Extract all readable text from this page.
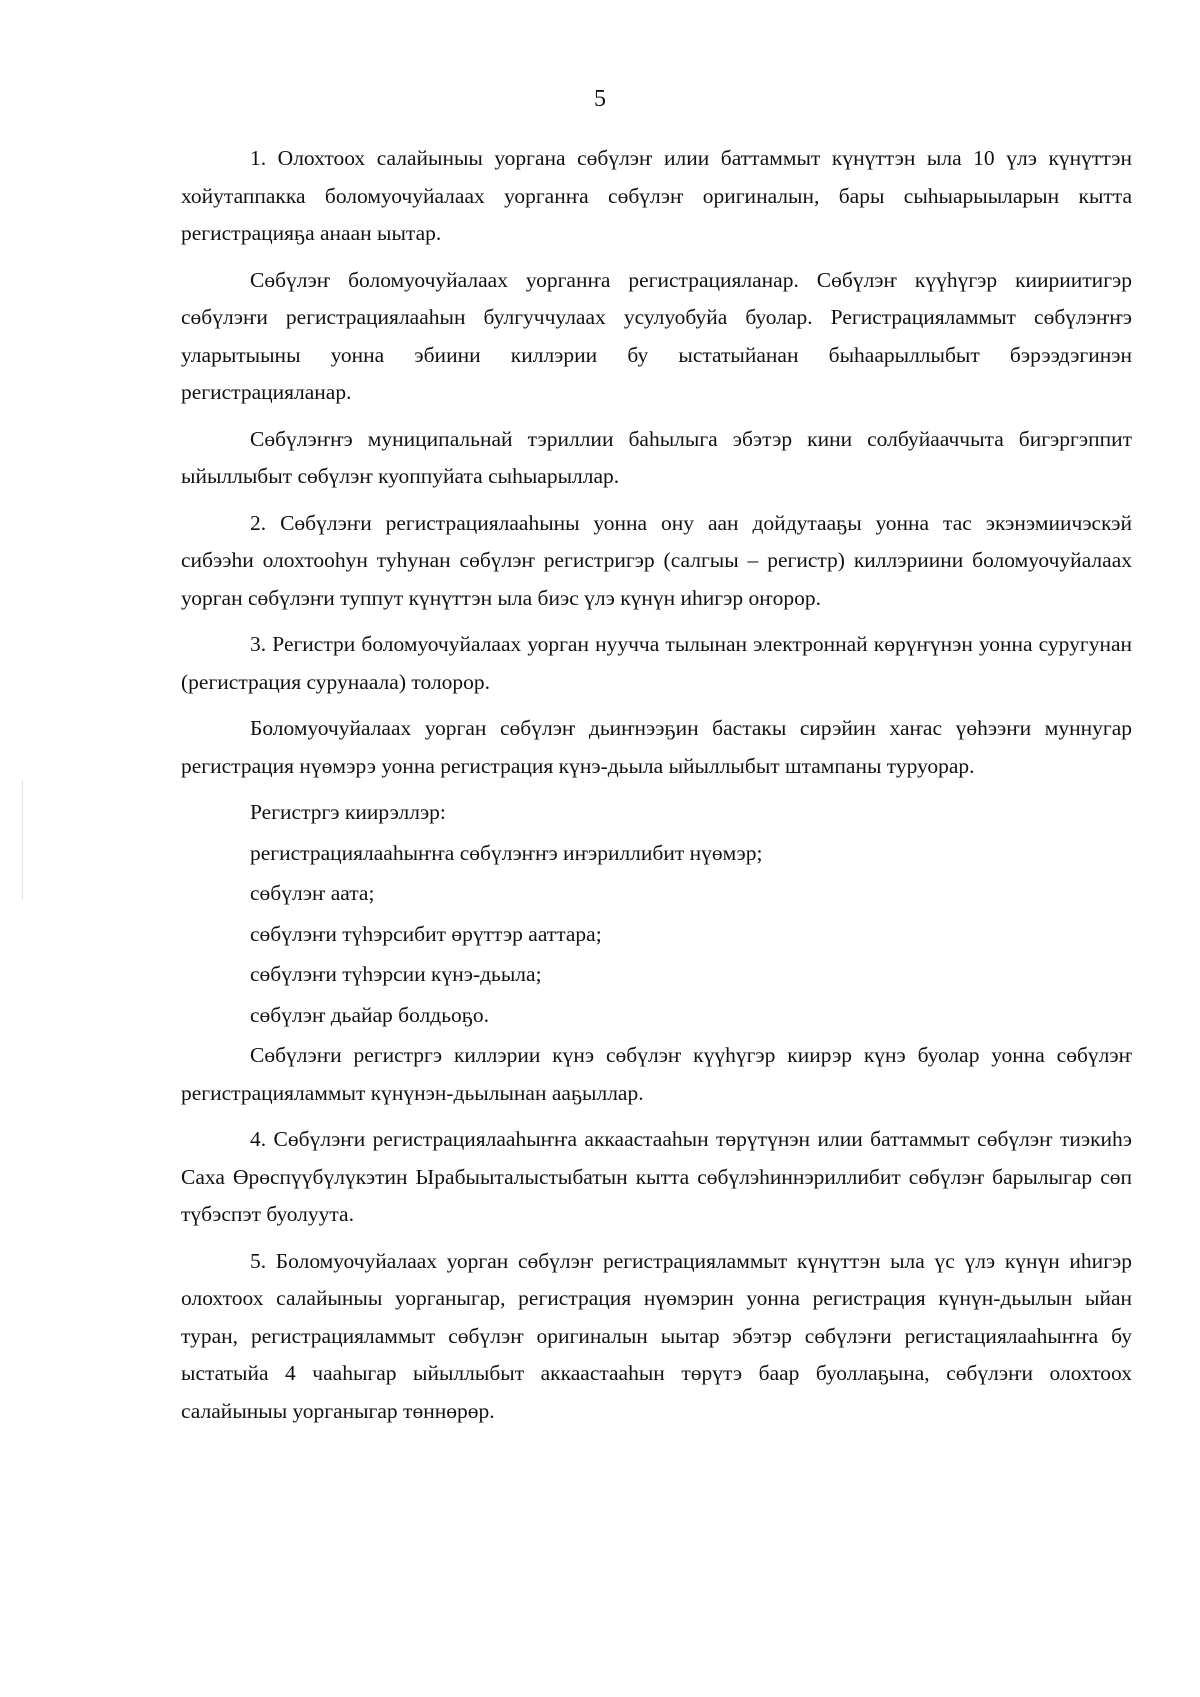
5

1. Олохтоох салайыныы уоргана сөбүлэҥ илии баттаммыт күнүттэн ыла 10 үлэ күнүттэн хойутаппакка боломуочуйалаах уорганҥа сөбүлэҥ оригиналын, бары сыһыарыыларын кытта регистрацияҕа анаан ыытар.

Сөбүлэҥ боломуочуйалаах уорганҥа регистрацияланар. Сөбүлэҥ күүһүгэр киириитигэр сөбүлэҥи регистрациялааһын булгуччулаах усулуобуйа буолар. Регистрацияламмыт сөбүлэҥҥэ уларытыыны уонна эбиини киллэрии бу ыстатыйанан быһаарыллыбыт бэрээдэгинэн регистрацияланар.

Сөбүлэҥҥэ муниципальнай тэриллии баһылыга эбэтэр кини солбуйааччыта бигэргэппит ыйыллыбыт сөбүлэҥ куоппуйата сыһыарыллар.

2. Сөбүлэҥи регистрациялааһыны уонна ону аан дойдутааҕы уонна тас экэнэмиичэскэй сибээһи олохтооһун туһунан сөбүлэҥ регистригэр (салгыы – регистр) киллэриини боломуочуйалаах уорган сөбүлэҥи туппут күнүттэн ыла биэс үлэ күнүн иһигэр оҥорор.

3. Регистри боломуочуйалаах уорган нууччa тылынан электроннай көрүҥүнэн уонна суругунан (регистрация сурунаала) толорор.

Боломуочуйалаах уорган сөбүлэҥ дьиҥнээҕин бастакы сирэйин хаҥас үөһээҥи муннугар регистрация нүөмэрэ уонна регистрация күнэ-дьыла ыйыллыбыт штампаны туруорар.

Регистргэ киирэллэр:

регистрациялааһыҥҥа сөбүлэҥҥэ иҥэриллибит нүөмэр;

сөбүлэҥ аата;

сөбүлэҥи түһэрсибит өрүттэр ааттара;

сөбүлэҥи түһэрсии күнэ-дьыла;

сөбүлэҥ дьайар болдьоҕо.

Сөбүлэҥи регистргэ киллэрии күнэ сөбүлэҥ күүһүгэр киирэр күнэ буолар уонна сөбүлэҥ регистрацияламмыт күнүнэн-дьылынан ааҕыллар.

4. Сөбүлэҥи регистрациялааһыҥҥа аккаастааһын төрүтүнэн илии баттаммыт сөбүлэҥ тиэкиһэ Саха Өрөспүүбүлүкэтин Ырабыыталыстыбатын кытта сөбүлэһиннэриллибит сөбүлэҥ барылыгар сөп түбэспэт буолуута.

5. Боломуочуйалаах уорган сөбүлэҥ регистрацияламмыт күнүттэн ыла үс үлэ күнүн иһигэр олохтоох салайыныы уорганыгар, регистрация нүөмэрин уонна регистрация күнүн-дьылын ыйан туран, регистрацияламмыт сөбүлэҥ оригиналын ыытар эбэтэр сөбүлэҥи регистациялааһыҥҥа бу ыстатыйа 4 чааһыгар ыйыллыбыт аккаастааһын төрүтэ баар буоллаҕына, сөбүлэҥи олохтоох салайыныы уорганыгар төннөрөр.
